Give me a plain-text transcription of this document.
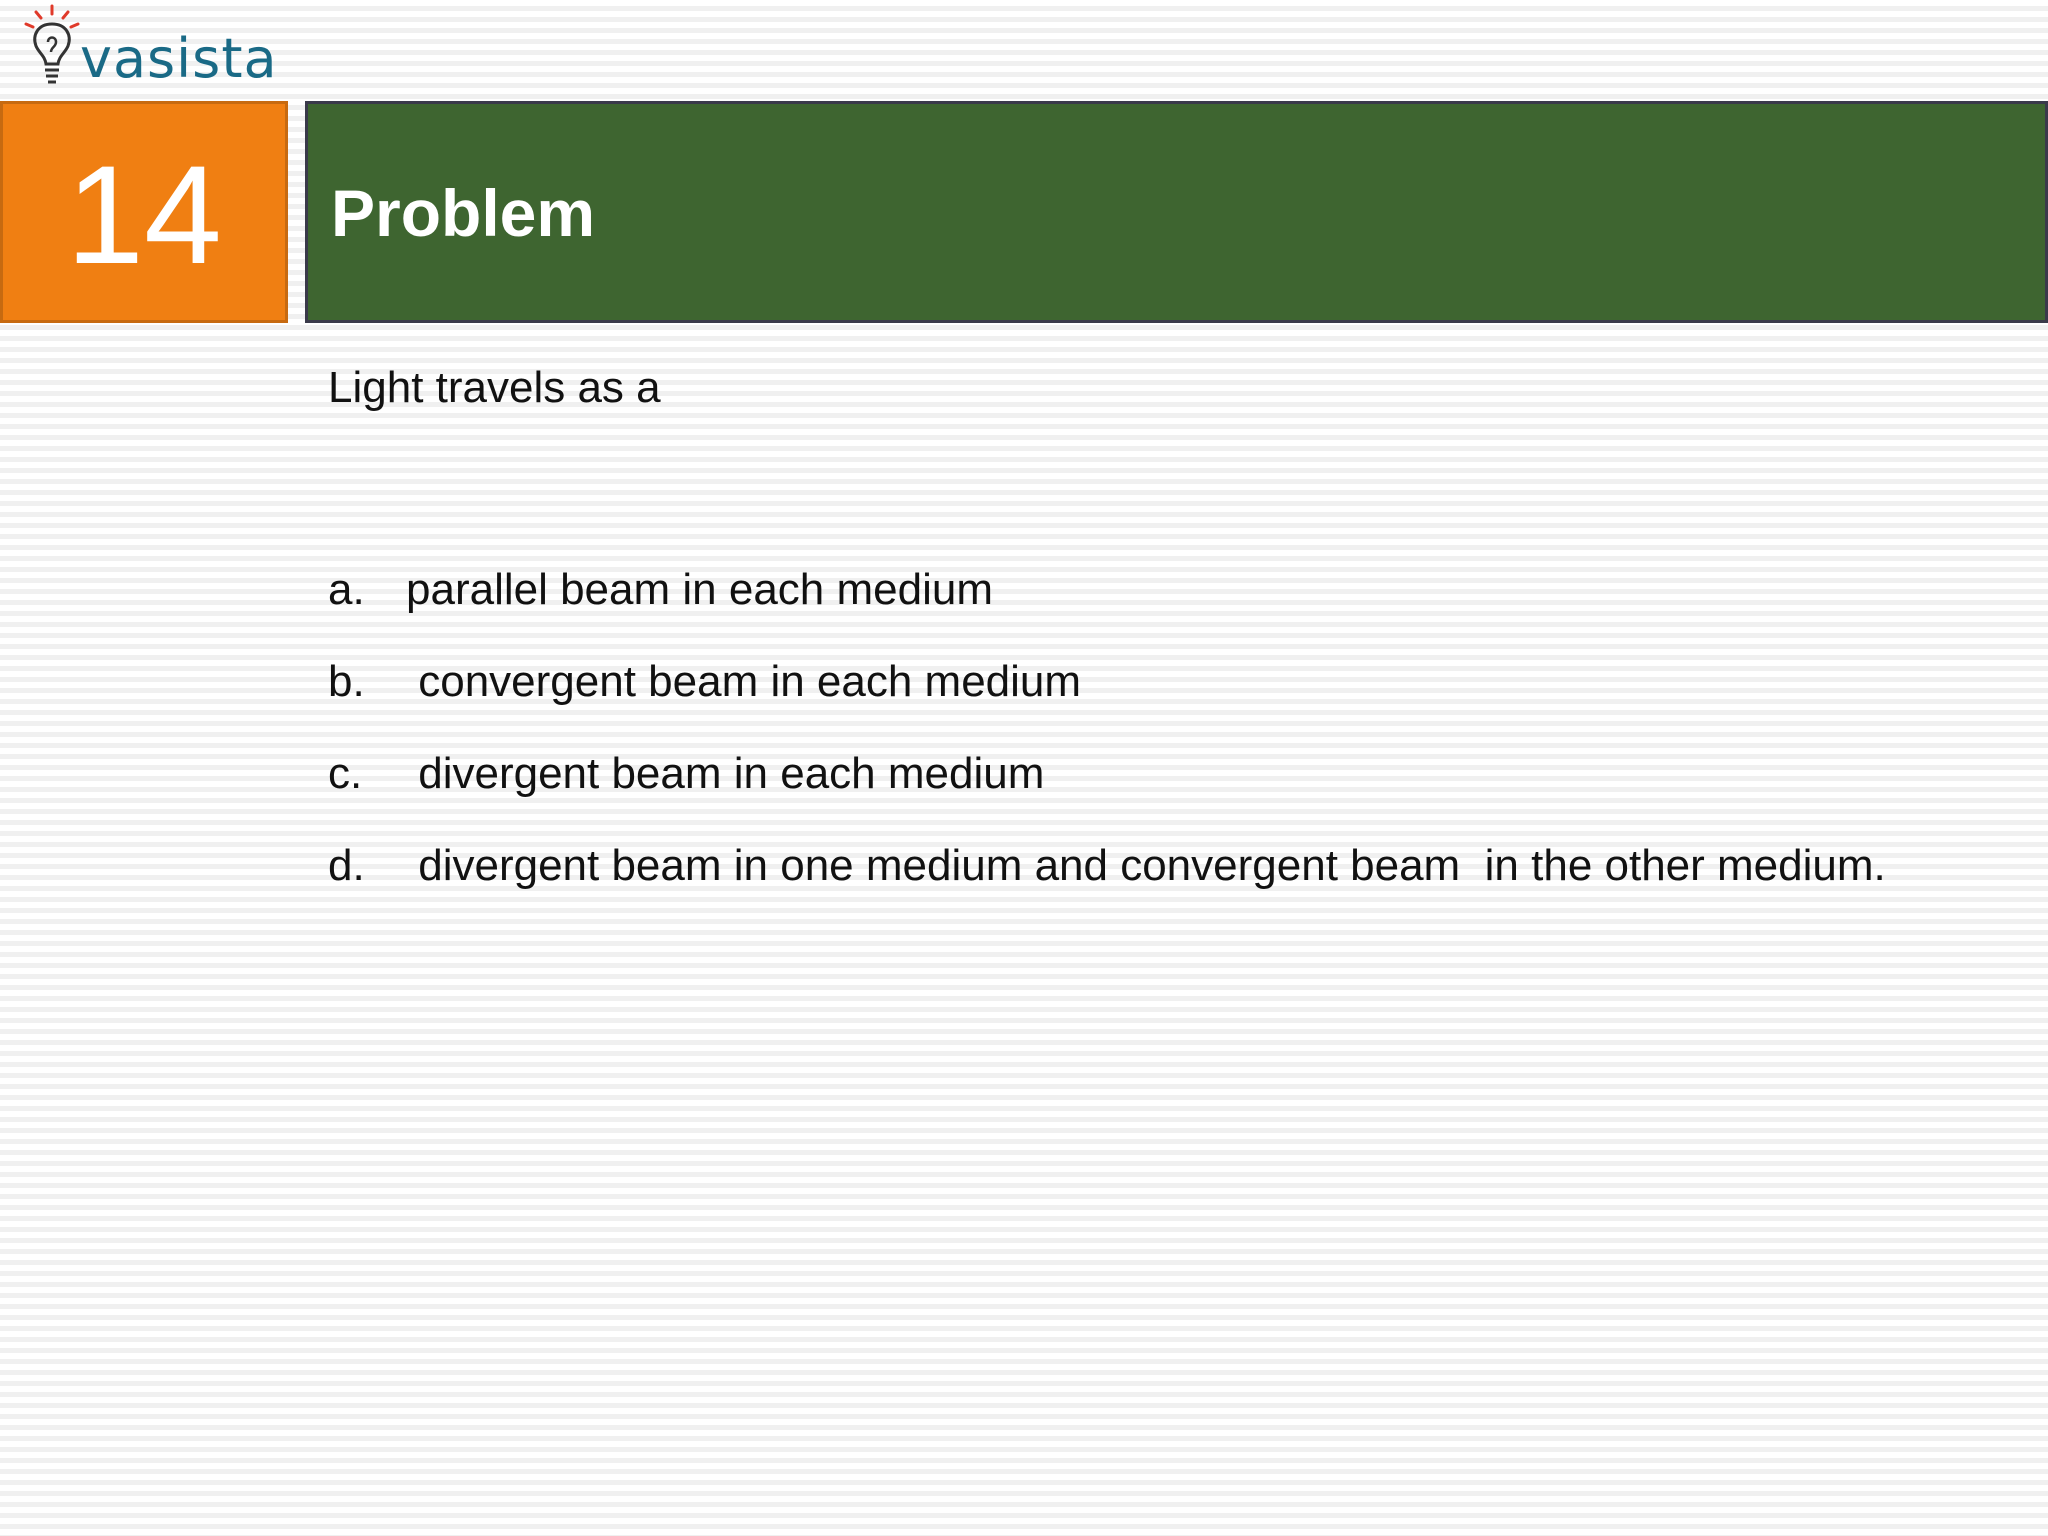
vasista
14 Problem
Light travels as a
a. parallel beam in each medium
b. convergent beam in each medium
c. divergent beam in each medium
d. divergent beam in one medium and convergent beam  in the other medium.
